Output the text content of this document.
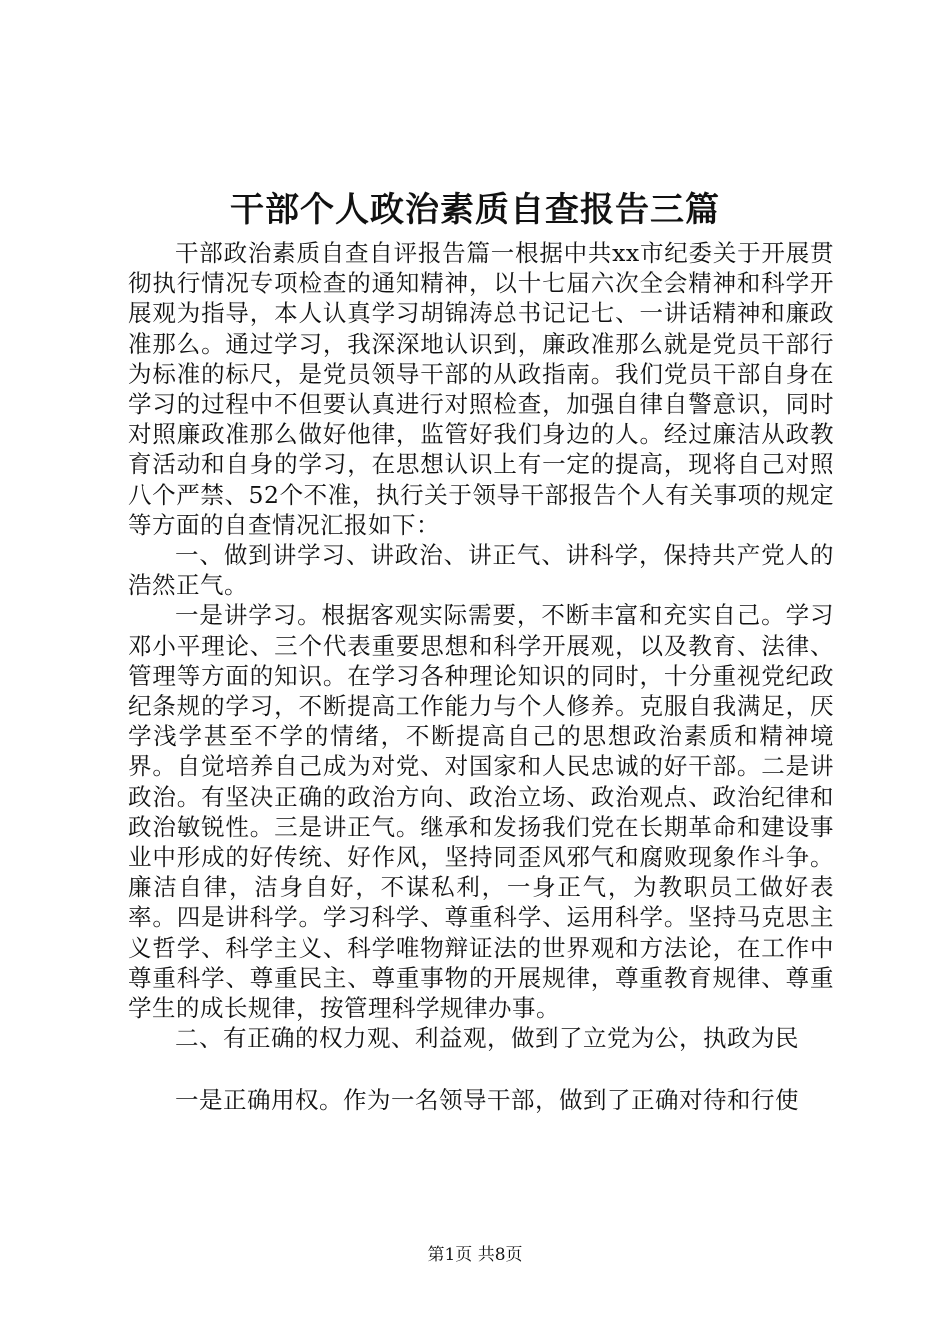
干部个人政治素质自查报告三篇

干部政治素质自查自评报告篇一根据中共xx市纪委关于开展贯彻执行情况专项检查的通知精神，以十七届六次全会精神和科学开展观为指导，本人认真学习胡锦涛总书记记七、一讲话精神和廉政准那么。通过学习，我深深地认识到，廉政准那么就是党员干部行为标准的标尺，是党员领导干部的从政指南。我们党员干部自身在学习的过程中不但要认真进行对照检查，加强自律自警意识，同时对照廉政准那么做好他律，监管好我们身边的人。经过廉洁从政教育活动和自身的学习，在思想认识上有一定的提高，现将自己对照八个严禁、52个不准，执行关于领导干部报告个人有关事项的规定等方面的自查情况汇报如下：

一、做到讲学习、讲政治、讲正气、讲科学，保持共产党人的浩然正气。

一是讲学习。根据客观实际需要，不断丰富和充实自己。学习邓小平理论、三个代表重要思想和科学开展观，以及教育、法律、管理等方面的知识。在学习各种理论知识的同时，十分重视党纪政纪条规的学习，不断提高工作能力与个人修养。克服自我满足，厌学浅学甚至不学的情绪，不断提高自己的思想政治素质和精神境界。自觉培养自己成为对党、对国家和人民忠诚的好干部。二是讲政治。有坚决正确的政治方向、政治立场、政治观点、政治纪律和政治敏锐性。三是讲正气。继承和发扬我们党在长期革命和建设事业中形成的好传统、好作风，坚持同歪风邪气和腐败现象作斗争。廉洁自律，洁身自好，不谋私利，一身正气，为教职员工做好表率。四是讲科学。学习科学、尊重科学、运用科学。坚持马克思主义哲学、科学主义、科学唯物辩证法的世界观和方法论，在工作中尊重科学、尊重民主、尊重事物的开展规律，尊重教育规律、尊重学生的成长规律，按管理科学规律办事。

二、有正确的权力观、利益观，做到了立党为公，执政为民

一是正确用权。作为一名领导干部，做到了正确对待和行使

第1页 共8页
